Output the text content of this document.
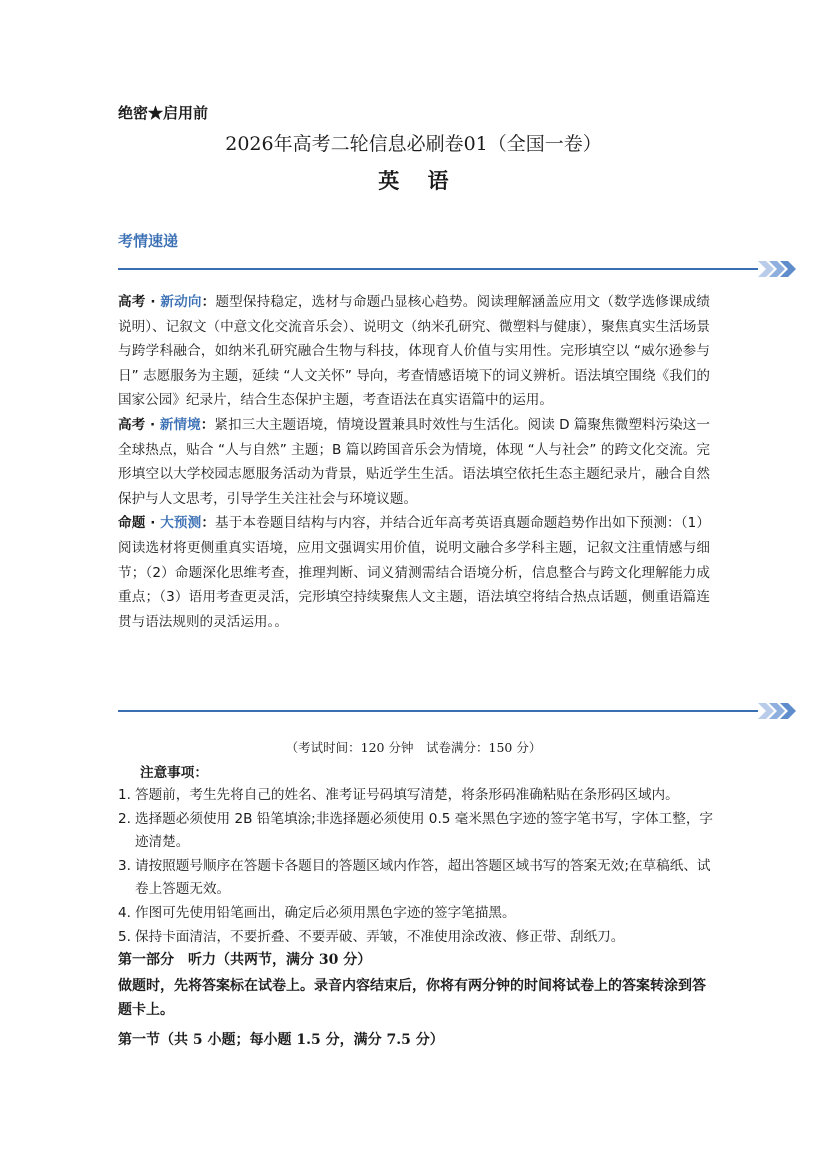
绝密★启用前
2026年高考二轮信息必刷卷01（全国一卷）
英 语
考情速递

高考 · 新动向：题型保持稳定，选材与命题凸显核心趋势。阅读理解涵盖应用文（数学选修课成绩说明）、记叙文（中意文化交流音乐会）、说明文（纳米孔研究、微塑料与健康），聚焦真实生活场景与跨学科融合，如纳米孔研究融合生物与科技，体现育人价值与实用性。完形填空以 “威尔逊参与日” 志愿服务为主题，延续 “人文关怀” 导向，考查情感语境下的词义辨析。语法填空围绕《我们的国家公园》纪录片，结合生态保护主题，考查语法在真实语篇中的运用。

高考 · 新情境：紧扣三大主题语境，情境设置兼具时效性与生活化。阅读 D 篇聚焦微塑料污染这一全球热点，贴合 “人与自然” 主题；B 篇以跨国音乐会为情境，体现 “人与社会” 的跨文化交流。完形填空以大学校园志愿服务活动为背景，贴近学生生活。语法填空依托生态主题纪录片，融合自然保护与人文思考，引导学生关注社会与环境议题。

命题 · 大预测：基于本卷题目结构与内容，并结合近年高考英语真题命题趋势作出如下预测：（1）阅读选材将更侧重真实语境，应用文强调实用价值，说明文融合多学科主题，记叙文注重情感与细节；（2）命题深化思维考查，推理判断、词义猜测需结合语境分析，信息整合与跨文化理解能力成重点；（3）语用考查更灵活，完形填空持续聚焦人文主题，语法填空将结合热点话题，侧重语篇连贯与语法规则的灵活运用。。

（考试时间：120 分钟　试卷满分：150 分）
注意事项：
1. 答题前，考生先将自己的姓名、准考证号码填写清楚，将条形码准确粘贴在条形码区域内。
2. 选择题必须使用 2B 铅笔填涂;非选择题必须使用 0.5 毫米黑色字迹的签字笔书写，字体工整，字迹清楚。
3. 请按照题号顺序在答题卡各题目的答题区域内作答，超出答题区域书写的答案无效;在草稿纸、试卷上答题无效。
4. 作图可先使用铅笔画出，确定后必须用黑色字迹的签字笔描黑。
5. 保持卡面清洁，不要折叠、不要弄破、弄皱，不准使用涂改液、修正带、刮纸刀。
第一部分　听力（共两节，满分 30 分）
做题时，先将答案标在试卷上。录音内容结束后，你将有两分钟的时间将试卷上的答案转涂到答题卡上。
第一节（共 5 小题；每小题 1.5 分，满分 7.5 分）
